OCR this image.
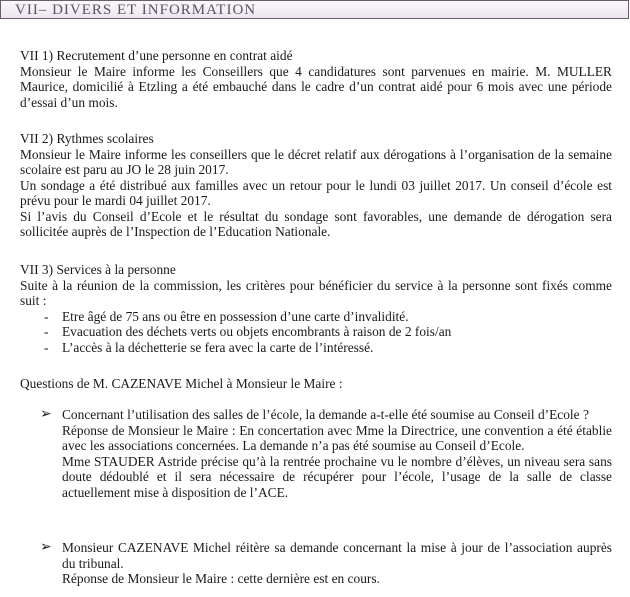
VII– DIVERS ET INFORMATION

VII 1) Recrutement d’une personne en contrat aidé

Monsieur le Maire informe les Conseillers que 4 candidatures sont parvenues en mairie. M. MULLER Maurice, domicilié à Etzling a été embauché dans le cadre d’un contrat aidé pour 6 mois avec une période d’essai d’un mois.

VII 2) Rythmes scolaires

Monsieur le Maire informe les conseillers que le décret relatif aux dérogations à l’organisation de la semaine scolaire est paru au JO le 28 juin 2017.

Un sondage a été distribué aux familles avec un retour pour le lundi 03 juillet 2017. Un conseil d’école est prévu pour le mardi 04 juillet 2017.

Si l’avis du Conseil d’Ecole et le résultat du sondage sont favorables, une demande de dérogation sera sollicitée auprès de l’Inspection de l’Education Nationale.

VII 3) Services à la personne

Suite à la réunion de la commission, les critères pour bénéficier du service à la personne sont fixés comme suit :

- Etre âgé de 75 ans ou être en possession d’une carte d’invalidité.
- Evacuation des déchets verts ou objets encombrants à raison de 2 fois/an
- L’accès à la déchetterie se fera avec la carte de l’intéressé.

Questions de M. CAZENAVE Michel à Monsieur le Maire :

➢ Concernant l’utilisation des salles de l’école, la demande a-t-elle été soumise au Conseil d’Ecole ?

Réponse de Monsieur le Maire : En concertation avec Mme la Directrice, une convention a été établie avec les associations concernées. La demande n’a pas été soumise au Conseil d’Ecole.

Mme STAUDER Astride précise qu’à la rentrée prochaine vu le nombre d’élèves, un niveau sera sans doute dédoublé et il sera nécessaire de récupérer pour l’école, l’usage de la salle de classe actuellement mise à disposition de l’ACE.

➢ Monsieur CAZENAVE Michel réitère sa demande concernant la mise à jour de l’association auprès du tribunal.

Réponse de Monsieur le Maire : cette dernière est en cours.
